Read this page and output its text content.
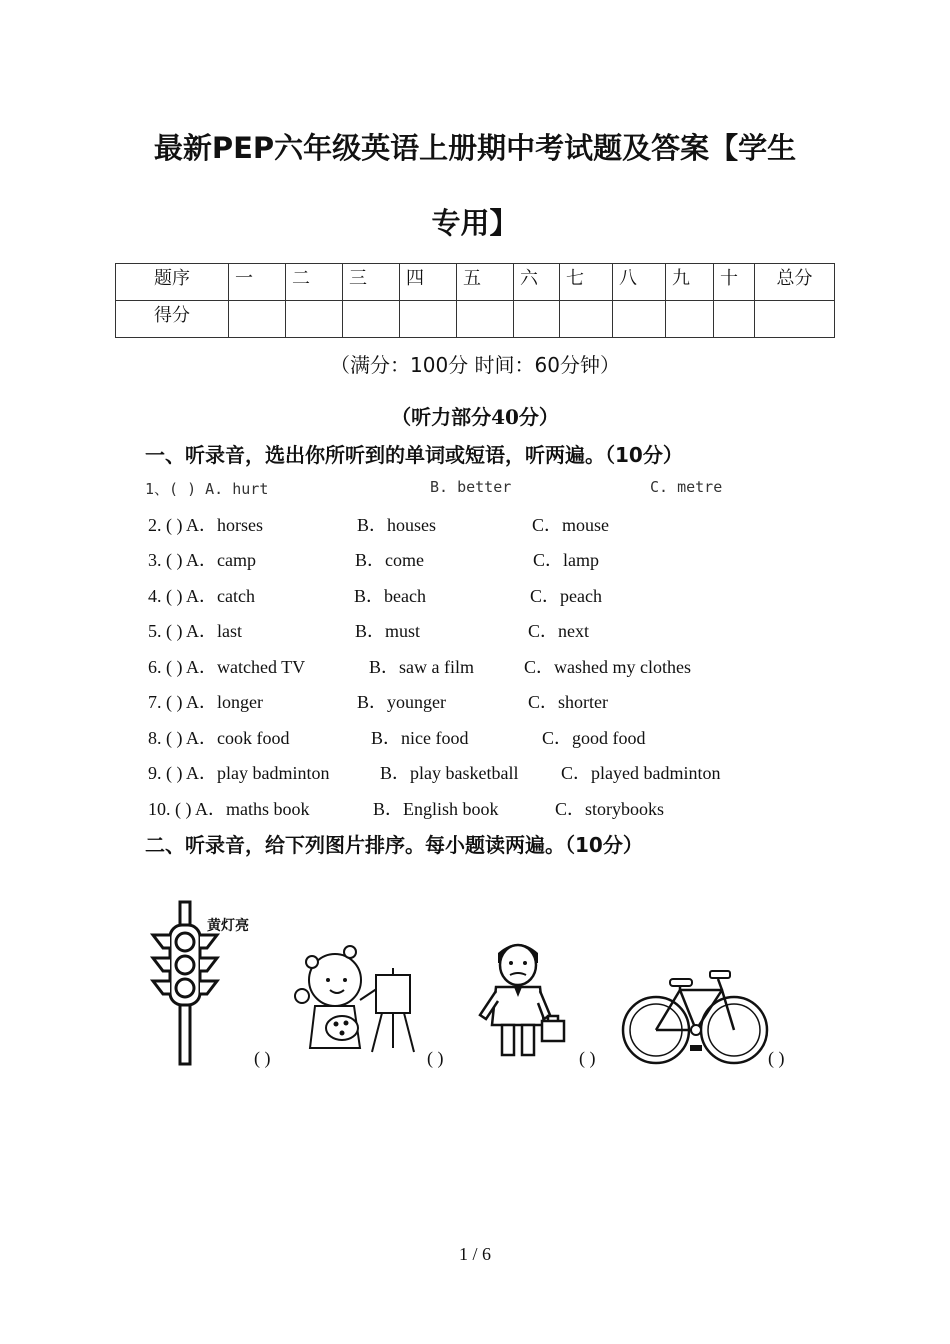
最新PEP六年级英语上册期中考试题及答案【学生
专用】
题序	一	二	三	四	五	六	七	八	九	十	总分
得分											
（满分：100分 时间：60分钟）
（听力部分40分）
一、听录音，选出你所听到的单词或短语，听两遍。（10分）
1、( ) A. hurt	B. better	C. metre
2. ( ) A．horses	B．houses	C．mouse
3. ( ) A．camp	B．come	C．lamp
4. ( ) A．catch	B．beach	C．peach
5. ( ) A．last	B．must	C．next
6. ( ) A．watched TV	B．saw a film	C．washed my clothes
7. ( ) A．longer	B．younger	C．shorter
8. ( ) A．cook food	B．nice food	C．good food
9. ( ) A．play badminton	B．play basketball C．played badminton
10. ( ) A．maths book	B．English book	C．storybooks
二、听录音，给下列图片排序。每小题读两遍。（10分）
黄灯亮
( )	( )	( )	( )
1 / 6
